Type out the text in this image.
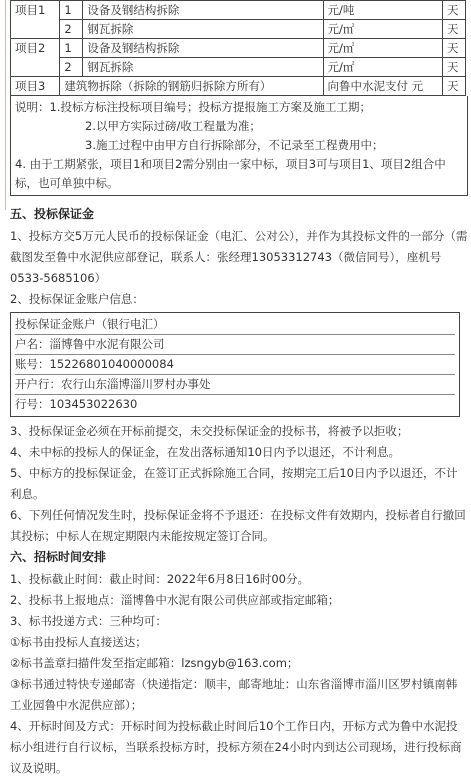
项目1	1	设备及钢结构拆除	元/吨	天
	2	钢瓦拆除	元/㎡	天
项目2	1	设备及钢结构拆除	元/㎡	天
	2	钢瓦拆除	元/㎡	天
项目3	建筑物拆除（拆除的钢筋归拆除方所有）		向鲁中水泥支付 元	天

说明：1.投标方标注投标项目编号；投标方提报施工方案及施工工期；

2.以甲方实际过磅/收工程量为准；

3.施工过程中由甲方自行拆除部分，不记录至工程费用中；

4. 由于工期紧张，项目1和项目2需分别由一家中标，项目3可与项目1、项目2组合中标，也可单独中标。

五、投标保证金

1、投标方交5万元人民币的投标保证金（电汇、公对公），并作为其投标文件的一部分（需截图发至鲁中水泥供应部登记，联系人：张经理13053312743（微信同号），座机号0533-5685106）

2、投标保证金账户信息：

投标保证金账户（银行电汇）
户名：淄博鲁中水泥有限公司
账号：15226801040000084
开户行：农行山东淄博淄川罗村办事处
行号：103453022630

3、投标保证金必须在开标前提交，未交投标保证金的投标书，将被予以拒收；

4、未中标的投标人的保证金，在发出落标通知10日内予以退还，不计利息。

5、中标方的投标保证金，在签订正式拆除施工合同，按期完工后10日内予以退还，不计利息。

6、下列任何情况发生时，投标保证金将不予退还：在投标文件有效期内，投标者自行撤回其投标；中标人在规定期限内未能按规定签订合同。

六、招标时间安排

1、投标截止时间：截止时间：2022年6月8日16时00分。

2、投标书上报地点：淄博鲁中水泥有限公司供应部或指定邮箱；

3、标书投递方式：三种均可：

①标书由投标人直接送达；

②标书盖章扫描件发至指定邮箱：lzsngyb@163.com；

③标书通过特快专递邮寄（快递指定：顺丰，邮寄地址：山东省淄博市淄川区罗村镇南韩工业园鲁中水泥供应部）；

4、开标时间及方式：开标时间为投标截止时间后10个工作日内，开标方式为鲁中水泥投标小组进行自行议标，当联系投标方时，投标方须在24小时内到达公司现场，进行投标商议及说明。
